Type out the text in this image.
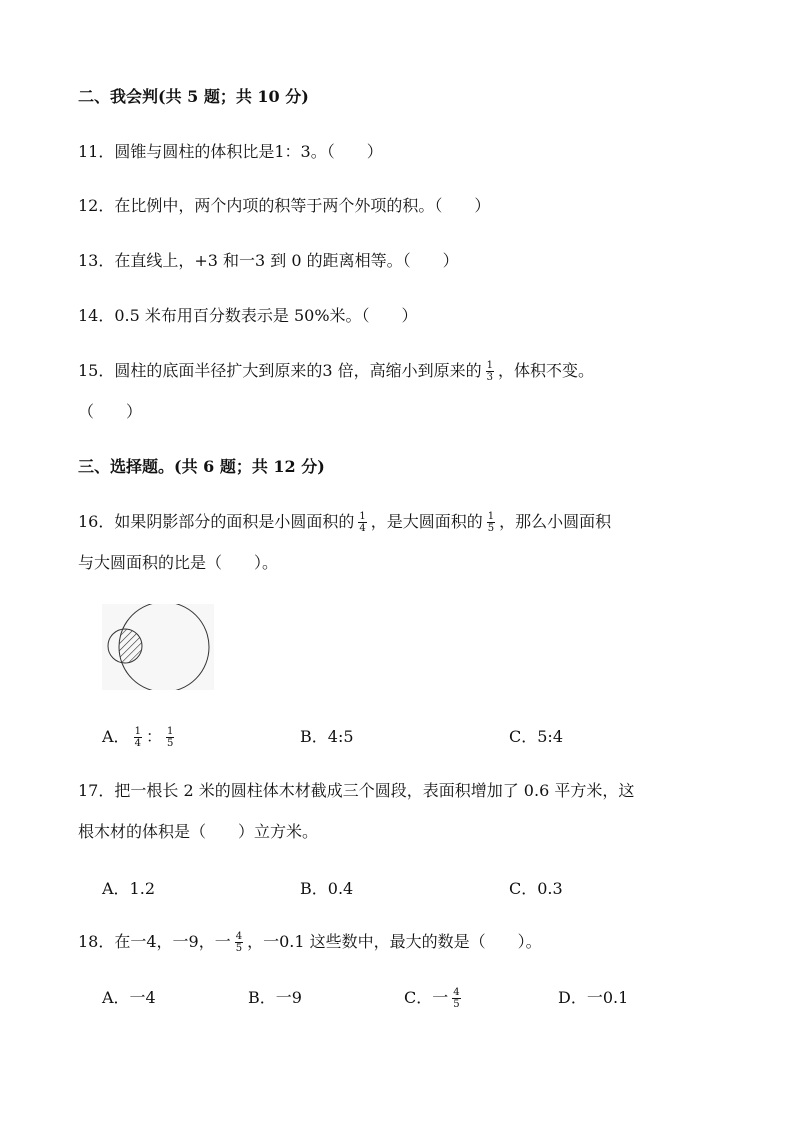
二、我会判(共 5 题；共 10 分)
11．圆锥与圆柱的体积比是1：3。（　　）
12．在比例中，两个内项的积等于两个外项的积。（　　）
13．在直线上，+3 和一3 到 0 的距离相等。（　　）
14．0.5 米布用百分数表示是 50%米。（　　）
15．圆柱的底面半径扩大到原来的3 倍，高缩小到原来的 $\frac{1}{3}$ ，体积不变。
（　　）
三、选择题。(共 6 题；共 12 分)
16．如果阴影部分的面积是小圆面积的 $\frac{1}{4}$ ，是大圆面积的 $\frac{1}{5}$ ，那么小圆面积
与大圆面积的比是（　　）。
A． $\frac{1}{4}$ ： $\frac{1}{5}$	B．4:5	C．5:4
17．把一根长 2 米的圆柱体木材截成三个圆段，表面积增加了 0.6 平方米，这
根木材的体积是（　　）立方米。
A．1.2	B．0.4	C．0.3
18．在一4，一9，一 $\frac{4}{5}$ ，一0.1 这些数中，最大的数是（　　）。
A．一4	B．一9	C．一 $\frac{4}{5}$	D．一0.1
